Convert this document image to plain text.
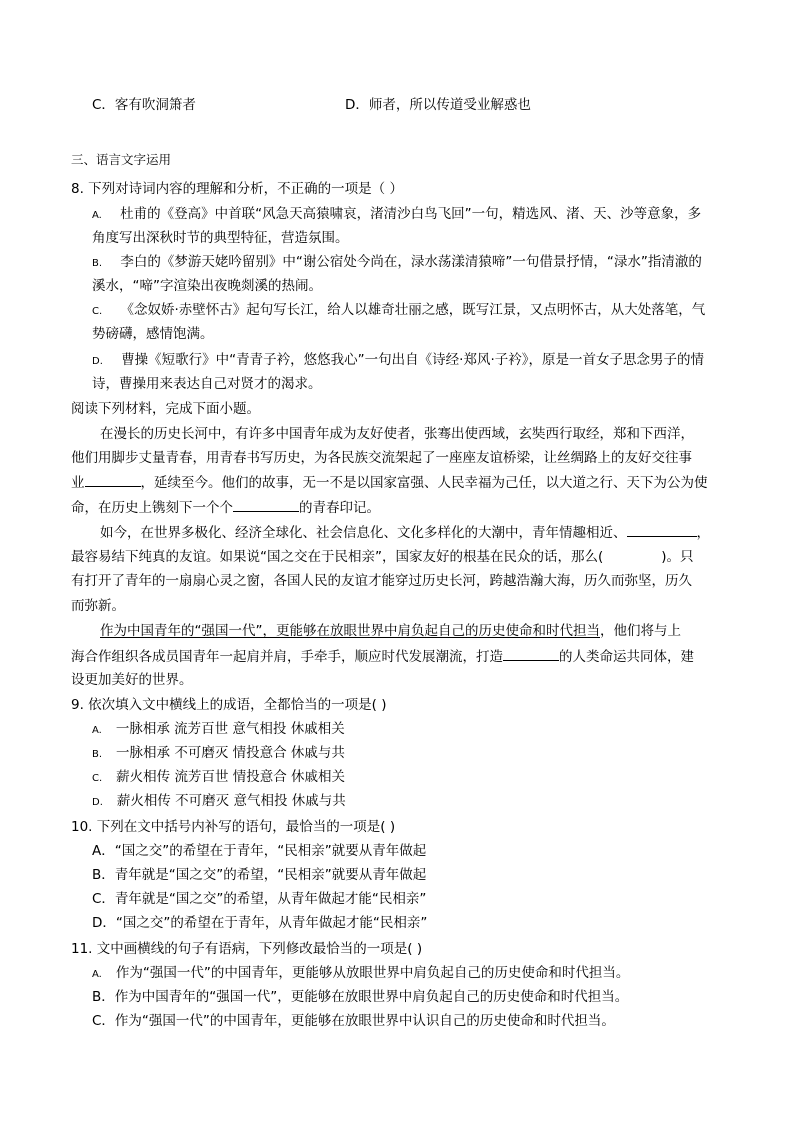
C．客有吹洞箫者	D．师者，所以传道受业解惑也
三、语言文字运用
8. 下列对诗词内容的理解和分析，不正确的一项是（ ）
A. 杜甫的《登高》中首联“风急天高猿啸哀，渚清沙白鸟飞回”一句，精选风、渚、天、沙等意象，多
角度写出深秋时节的典型特征，营造氛围。
B. 李白的《梦游天姥吟留别》中“谢公宿处今尚在，渌水荡漾清猿啼”一句借景抒情，“渌水”指清澈的
溪水，“啼”字渲染出夜晚剡溪的热闹。
C. 《念奴娇·赤壁怀古》起句写长江，给人以雄奇壮丽之感，既写江景，又点明怀古，从大处落笔，气
势磅礴，感情饱满。
D. 曹操《短歌行》中“青青子衿，悠悠我心”一句出自《诗经·郑风·子衿》，原是一首女子思念男子的情
诗，曹操用来表达自己对贤才的渴求。
阅读下列材料，完成下面小题。
在漫长的历史长河中，有许多中国青年成为友好使者，张骞出使西域，玄奘西行取经，郑和下西洋，
他们用脚步丈量青春，用青春书写历史，为各民族交流架起了一座座友谊桥梁，让丝绸路上的友好交往事
业	，延续至今。他们的故事，无一不是以国家富强、人民幸福为己任，以大道之行、天下为公为使
命，在历史上镌刻下一个个	的青春印记。
如今，在世界多极化、经济全球化、社会信息化、文化多样化的大潮中，青年情趣相近、	，
最容易结下纯真的友谊。如果说“国之交在于民相亲”，国家友好的根基在民众的话，那么(	)。只
有打开了青年的一扇扇心灵之窗，各国人民的友谊才能穿过历史长河，跨越浩瀚大海，历久而弥坚，历久
而弥新。
作为中国青年的“强国一代”，更能够在放眼世界中肩负起自己的历史使命和时代担当，他们将与上
海合作组织各成员国青年一起肩并肩，手牵手，顺应时代发展潮流，打造	的人类命运共同体，建
设更加美好的世界。
9. 依次填入文中横线上的成语，全都恰当的一项是( )
A. 一脉相承 流芳百世 意气相投 休戚相关
B. 一脉相承 不可磨灭 情投意合 休戚与共
C. 薪火相传 流芳百世 情投意合 休戚相关
D. 薪火相传 不可磨灭 意气相投 休戚与共
10. 下列在文中括号内补写的语句，最恰当的一项是( )
A．“国之交”的希望在于青年，“民相亲”就要从青年做起
B．青年就是“国之交”的希望，“民相亲”就要从青年做起
C．青年就是“国之交”的希望，从青年做起才能“民相亲”
D．“国之交”的希望在于青年，从青年做起才能“民相亲”
11. 文中画横线的句子有语病，下列修改最恰当的一项是( )
A. 作为“强国一代”的中国青年，更能够从放眼世界中肩负起自己的历史使命和时代担当。
B．作为中国青年的“强国一代”，更能够在放眼世界中肩负起自己的历史使命和时代担当。
C．作为“强国一代”的中国青年，更能够在放眼世界中认识自己的历史使命和时代担当。
